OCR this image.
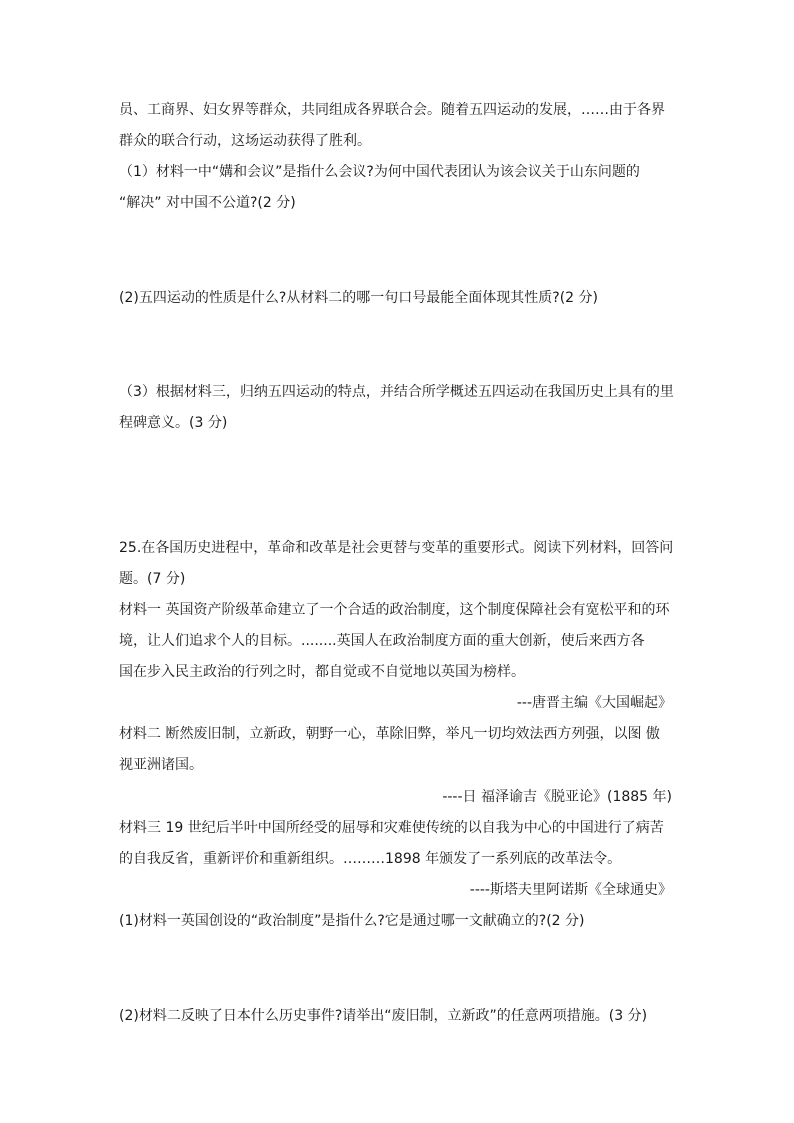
员、工商界、妇女界等群众，共同组成各界联合会。随着五四运动的发展，……由于各界
群众的联合行动，这场运动获得了胜利。
（1）材料一中“媾和会议”是指什么会议?为何中国代表团认为该会议关于山东问题的
“解决” 对中国不公道?(2 分)
(2)五四运动的性质是什么?从材料二的哪一句口号最能全面体现其性质?(2 分)
（3）根据材料三，归纳五四运动的特点，并结合所学概述五四运动在我国历史上具有的里
程碑意义。(3 分)
25.在各国历史进程中，革命和改革是社会更替与变革的重要形式。阅读下列材料，回答问
题。(7 分)
材料一 英国资产阶级革命建立了一个合适的政治制度，这个制度保障社会有宽松平和的环
境，让人们追求个人的目标。........英国人在政治制度方面的重大创新，使后来西方各
国在步入民主政治的行列之时，都自觉或不自觉地以英国为榜样。
---唐晋主编《大国崛起》
材料二 断然废旧制，立新政，朝野一心，革除旧弊，举凡一切均效法西方列强，以图 傲
视亚洲诸国。
----日 福泽谕吉《脱亚论》(1885 年)
材料三 19 世纪后半叶中国所经受的屈辱和灾难使传统的以自我为中心的中国进行了病苦
的自我反省，重新评价和重新组织。………1898 年颁发了一系列底的改革法令。
----斯塔夫里阿诺斯《全球通史》
(1)材料一英国创设的“政治制度”是指什么?它是通过哪一文献确立的?(2 分)
(2)材料二反映了日本什么历史事件?请举出“废旧制，立新政”的任意两项措施。(3 分)
